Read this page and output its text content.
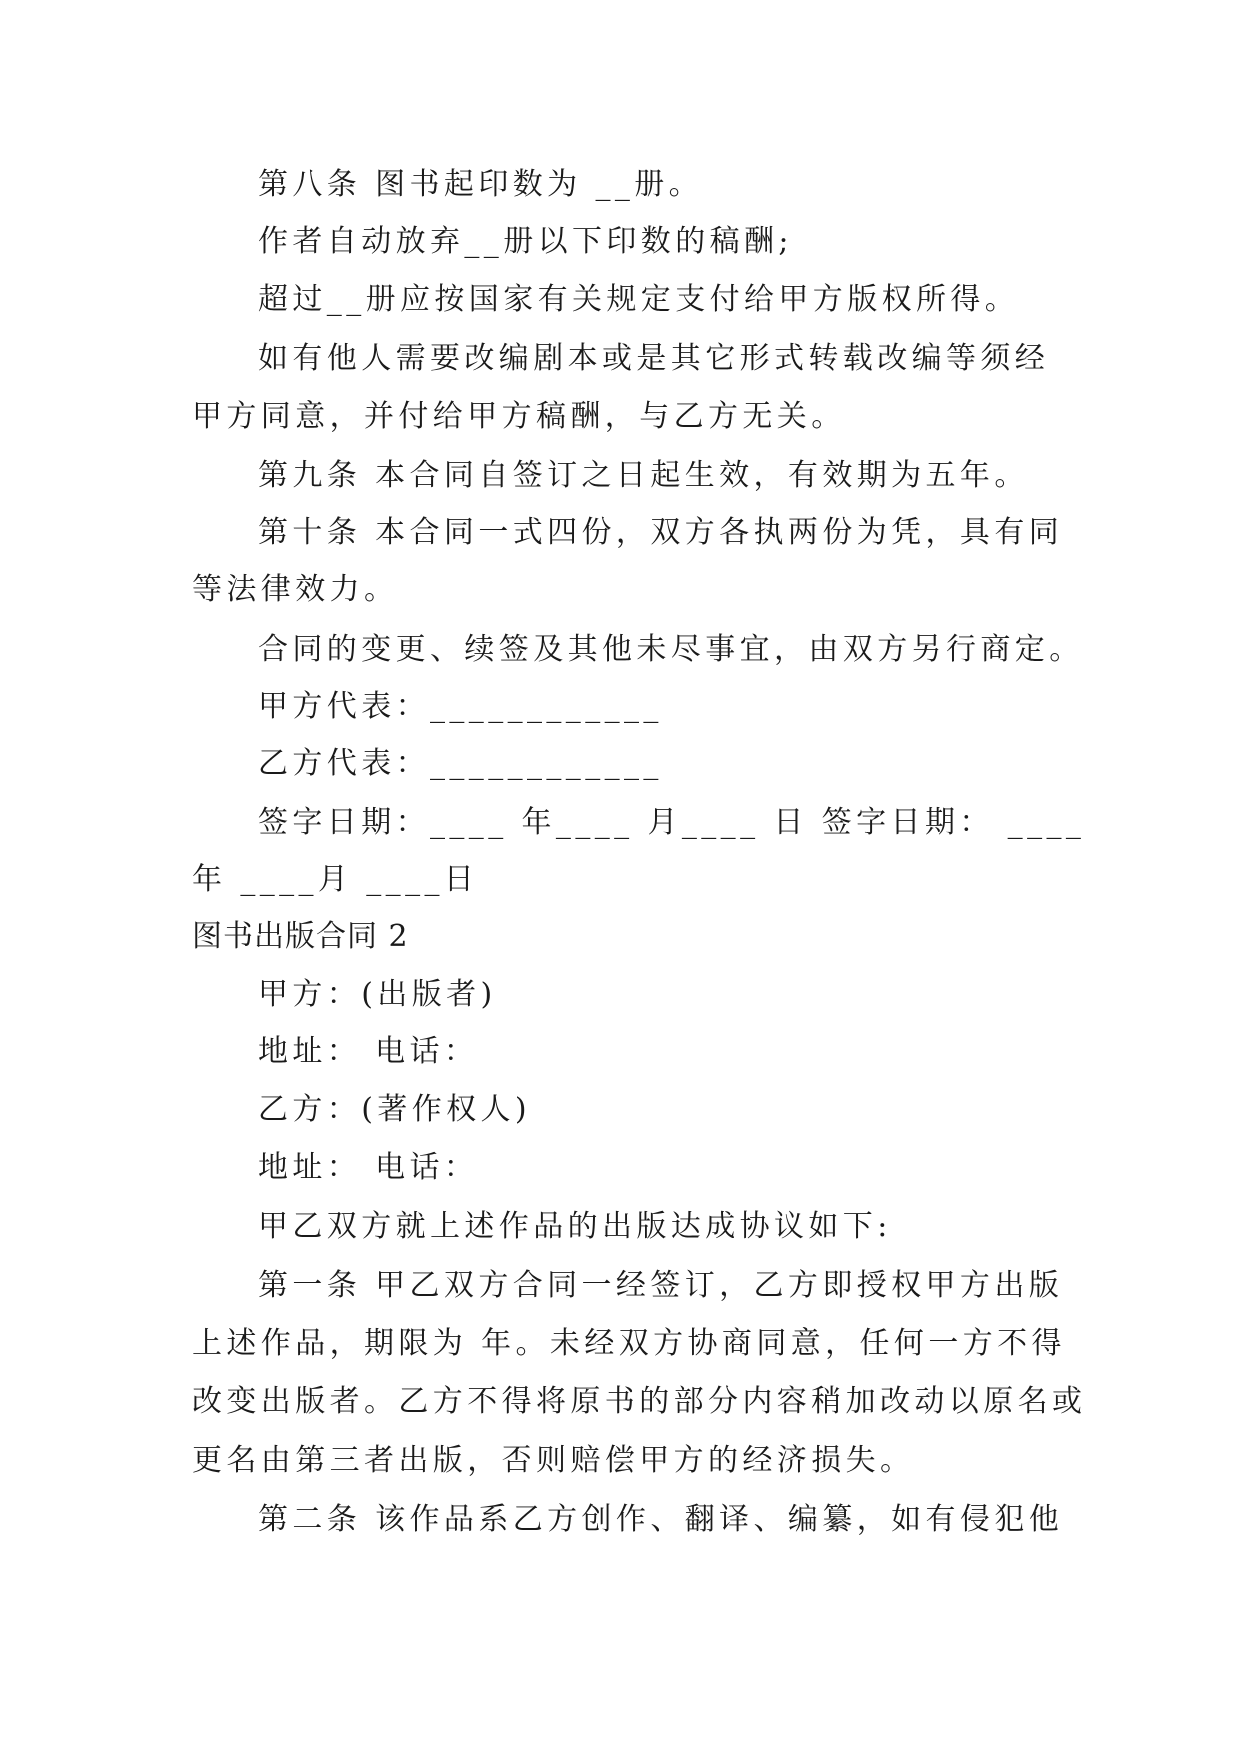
第八条 图书起印数为 __册。
作者自动放弃__册以下印数的稿酬;
超过__册应按国家有关规定支付给甲方版权所得。
如有他人需要改编剧本或是其它形式转载改编等须经
甲方同意，并付给甲方稿酬，与乙方无关。
第九条 本合同自签订之日起生效，有效期为五年。
第十条 本合同一式四份，双方各执两份为凭，具有同
等法律效力。
合同的变更、续签及其他未尽事宜，由双方另行商定。
甲方代表：____________
乙方代表：____________
签字日期：____ 年____ 月____ 日 签字日期： ____
年 ____月 ____日
图书出版合同 2
甲方：(出版者)
地址： 电话：
乙方：(著作权人)
地址： 电话：
甲乙双方就上述作品的出版达成协议如下:
第一条 甲乙双方合同一经签订，乙方即授权甲方出版
上述作品，期限为 年。未经双方协商同意，任何一方不得
改变出版者。乙方不得将原书的部分内容稍加改动以原名或
更名由第三者出版，否则赔偿甲方的经济损失。
第二条 该作品系乙方创作、翻译、编纂，如有侵犯他
